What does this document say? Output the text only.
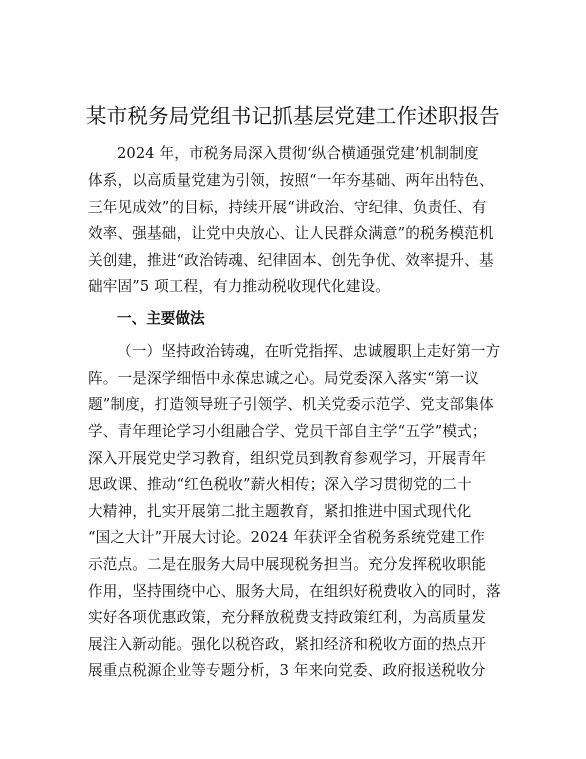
某市税务局党组书记抓基层党建工作述职报告
2024 年，市税务局深入贯彻‘纵合横通强党建’机制制度
体系，以高质量党建为引领，按照“一年夯基础、两年出特色、
三年见成效”的目标，持续开展“讲政治、守纪律、负责任、有
效率、强基础，让党中央放心、让人民群众满意”的税务模范机
关创建，推进“政治铸魂、纪律固本、创先争优、效率提升、基
础牢固”5 项工程，有力推动税收现代化建设。
一、主要做法
（一）坚持政治铸魂，在听党指挥、忠诚履职上走好第一方
阵。一是深学细悟中永葆忠诚之心。局党委深入落实“第一议
题”制度，打造领导班子引领学、机关党委示范学、党支部集体
学、青年理论学习小组融合学、党员干部自主学“五学”模式；
深入开展党史学习教育，组织党员到教育参观学习，开展青年
思政课、推动“红色税收”薪火相传；深入学习贯彻党的二十
大精神，扎实开展第二批主题教育，紧扣推进中国式现代化
“国之大计”开展大讨论。2024 年获评全省税务系统党建工作
示范点。二是在服务大局中展现税务担当。充分发挥税收职能
作用，坚持围绕中心、服务大局，在组织好税费收入的同时，落
实好各项优惠政策，充分释放税费支持政策红利，为高质量发
展注入新动能。强化以税咨政，紧扣经济和税收方面的热点开
展重点税源企业等专题分析，3 年来向党委、政府报送税收分
